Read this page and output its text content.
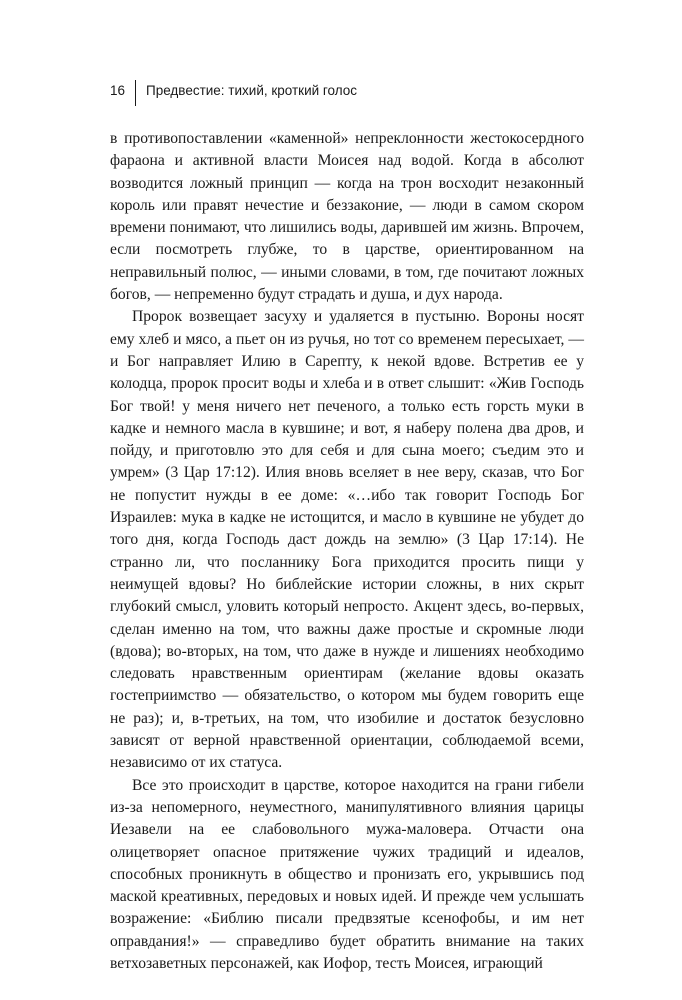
16 Предвестие: тихий, кроткий голос

в противопоставлении «каменной» непреклонности жестокосердного фараона и активной власти Моисея над водой. Когда в абсолют возводится ложный принцип — когда на трон восходит незаконный король или правят нечестие и беззаконие, — люди в самом скором времени понимают, что лишились воды, дарившей им жизнь. Впрочем, если посмотреть глубже, то в царстве, ориентированном на неправильный полюс, — иными словами, в том, где почитают ложных богов, — непременно будут страдать и душа, и дух народа.

Пророк возвещает засуху и удаляется в пустыню. Вороны носят ему хлеб и мясо, а пьет он из ручья, но тот со временем пересыхает, — и Бог направляет Илию в Сарепту, к некой вдове. Встретив ее у колодца, пророк просит воды и хлеба и в ответ слышит: «Жив Господь Бог твой! у меня ничего нет печеного, а только есть горсть муки в кадке и немного масла в кувшине; и вот, я наберу полена два дров, и пойду, и приготовлю это для себя и для сына моего; съедим это и умрем» (3 Цар 17:12). Илия вновь вселяет в нее веру, сказав, что Бог не попустит нужды в ее доме: «…ибо так говорит Господь Бог Израилев: мука в кадке не истощится, и масло в кувшине не убудет до того дня, когда Господь даст дождь на землю» (3 Цар 17:14). Не странно ли, что посланнику Бога приходится просить пищи у неимущей вдовы? Но библейские истории сложны, в них скрыт глубокий смысл, уловить который непросто. Акцент здесь, во-первых, сделан именно на том, что важны даже простые и скромные люди (вдова); во-вторых, на том, что даже в нужде и лишениях необходимо следовать нравственным ориентирам (желание вдовы оказать гостеприимство — обязательство, о котором мы будем говорить еще не раз); и, в-третьих, на том, что изобилие и достаток безусловно зависят от верной нравственной ориентации, соблюдаемой всеми, независимо от их статуса.

Все это происходит в царстве, которое находится на грани гибели из-за непомерного, неуместного, манипулятивного влияния царицы Иезавели на ее слабовольного мужа-маловера. Отчасти она олицетворяет опасное притяжение чужих традиций и идеалов, способных проникнуть в общество и пронизать его, укрывшись под маской креативных, передовых и новых идей. И прежде чем услышать возражение: «Библию писали предвзятые ксенофобы, и им нет оправдания!» — справедливо будет обратить внимание на таких ветхозаветных персонажей, как Иофор, тесть Моисея, играющий
